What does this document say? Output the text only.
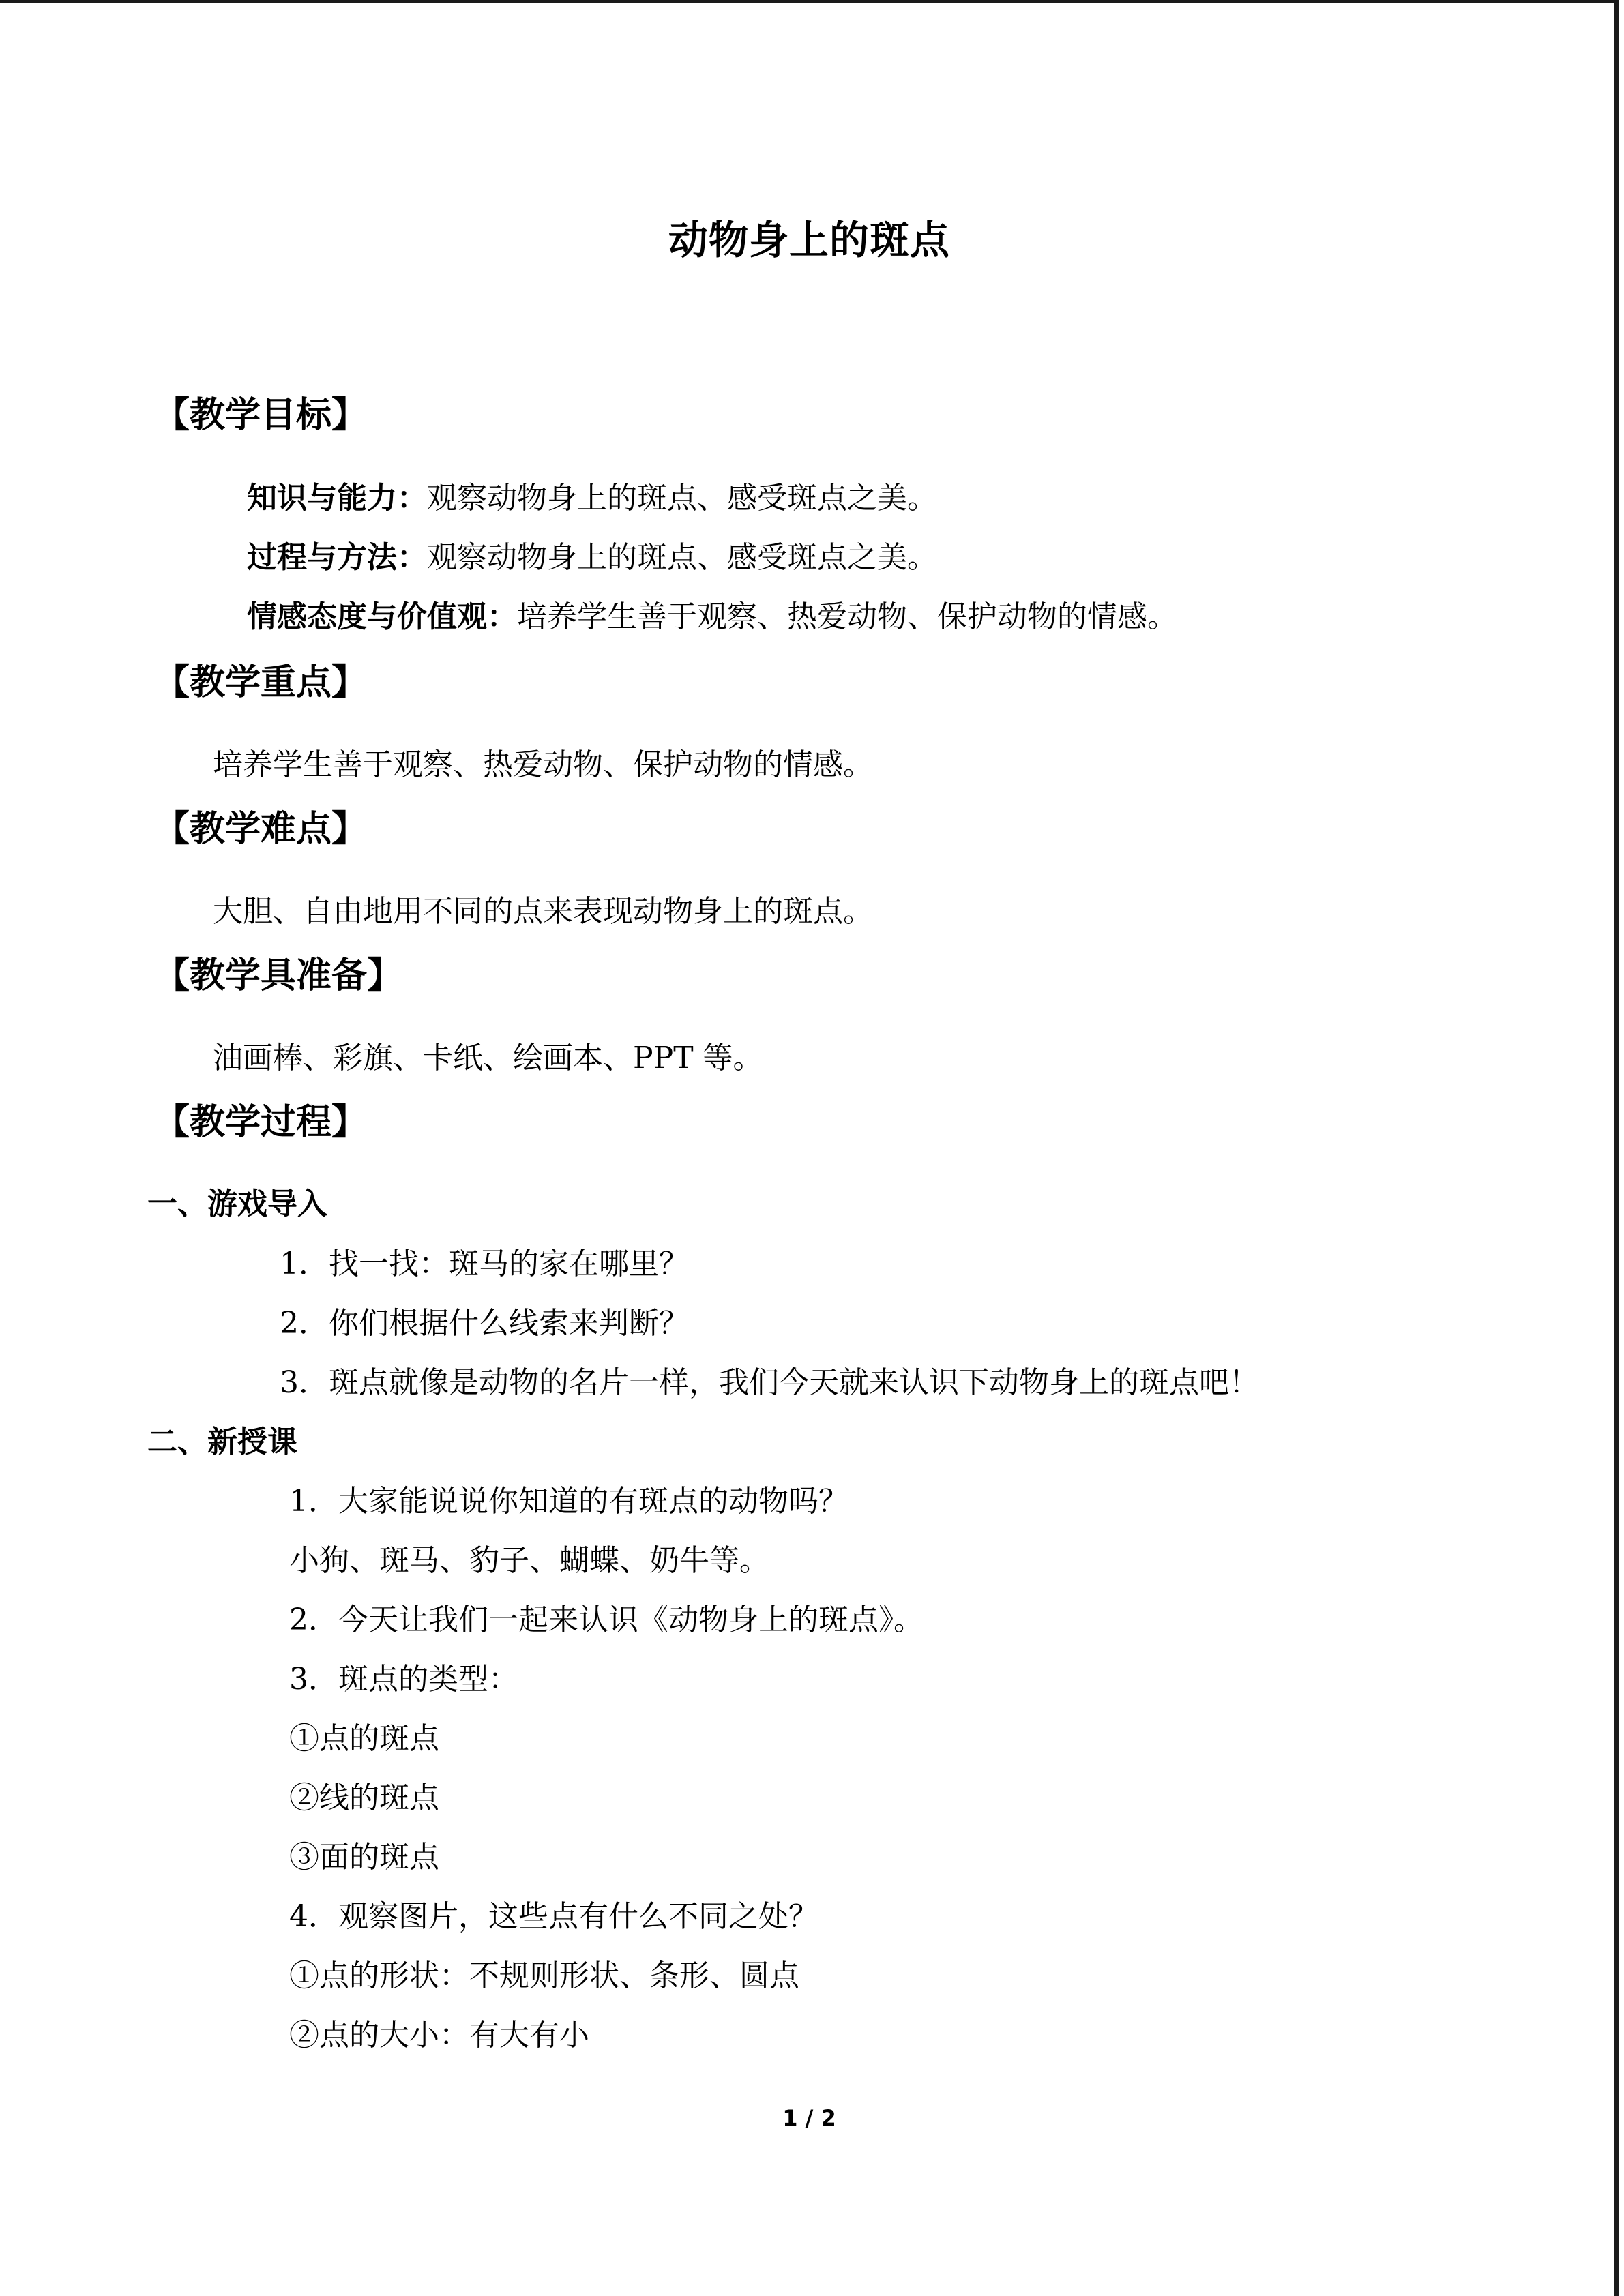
动物身上的斑点
【教学目标】
知识与能力：观察动物身上的斑点、感受斑点之美。
过程与方法：观察动物身上的斑点、感受斑点之美。
情感态度与价值观：培养学生善于观察、热爱动物、保护动物的情感。
【教学重点】
培养学生善于观察、热爱动物、保护动物的情感。
【教学难点】
大胆、自由地用不同的点来表现动物身上的斑点。
【教学具准备】
油画棒、彩旗、卡纸、绘画本、PPT 等。
【教学过程】
一、游戏导入
1．找一找：斑马的家在哪里？
2．你们根据什么线索来判断？
3．斑点就像是动物的名片一样，我们今天就来认识下动物身上的斑点吧！
二、新授课
1．大家能说说你知道的有斑点的动物吗？
小狗、斑马、豹子、蝴蝶、奶牛等。
2．今天让我们一起来认识《动物身上的斑点》。
3．斑点的类型：
①点的斑点
②线的斑点
③面的斑点
4．观察图片，这些点有什么不同之处？
①点的形状：不规则形状、条形、圆点
②点的大小：有大有小
1 / 2
